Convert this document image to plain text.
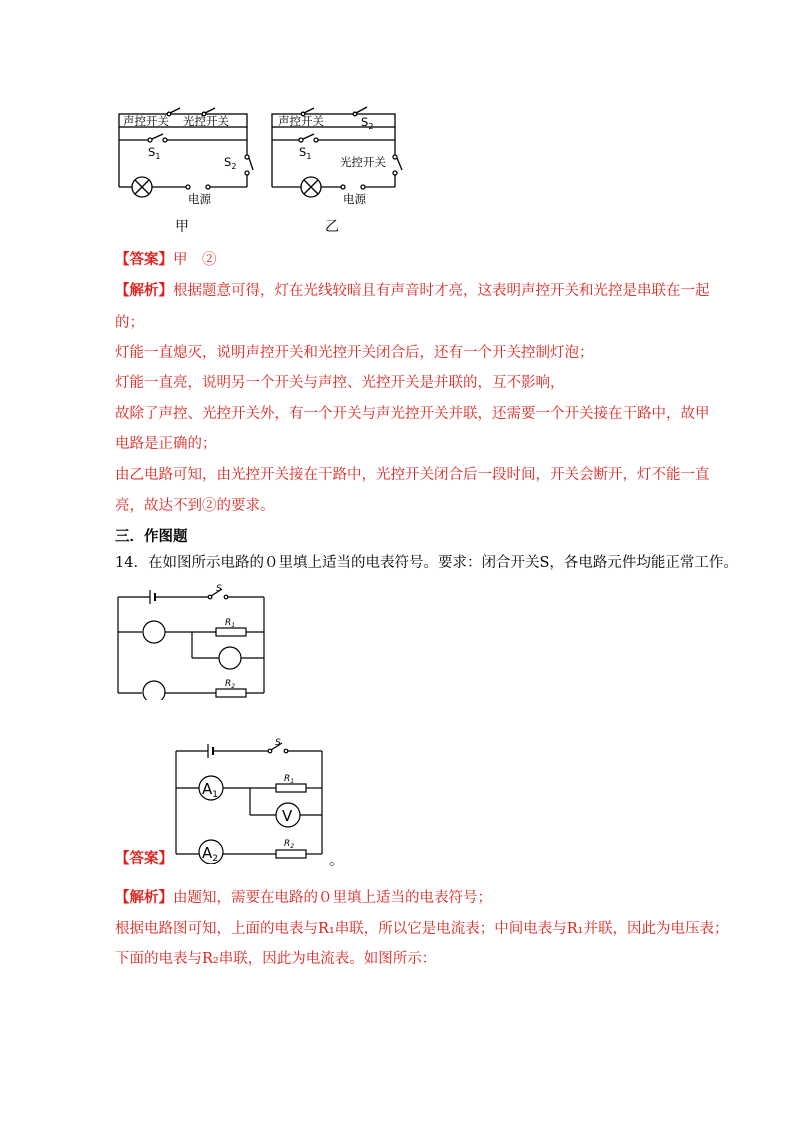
声控开关 光控开关
$S_1$	$S_2$
电源
甲
声控开关	$S_2$
$S_1$ 光控开关
电源
乙
【答案】甲　②
【解析】根据题意可得，灯在光线较暗且有声音时才亮，这表明声控开关和光控是串联在一起
的；
灯能一直熄灭，说明声控开关和光控开关闭合后，还有一个开关控制灯泡；
灯能一直亮，说明另一个开关与声控、光控开关是并联的，互不影响，
故除了声控、光控开关外，有一个开关与声光控开关并联，还需要一个开关接在干路中，故甲
电路是正确的；
由乙电路可知，由光控开关接在干路中，光控开关闭合后一段时间，开关会断开，灯不能一直
亮，故达不到②的要求。
三．作图题
14．在如图所示电路的０里填上适当的电表符号。要求：闭合开关S，各电路元件均能正常工作。
S
$R_1$
$R_2$
【答案】
S
$R_1$
$R_2$
$A_1$
V
$A_2$	。
【解析】由题知，需要在电路的０里填上适当的电表符号；
根据电路图可知，上面的电表与R₁串联，所以它是电流表；中间电表与R₁并联，因此为电压表；
下面的电表与R₂串联，因此为电流表。如图所示：
